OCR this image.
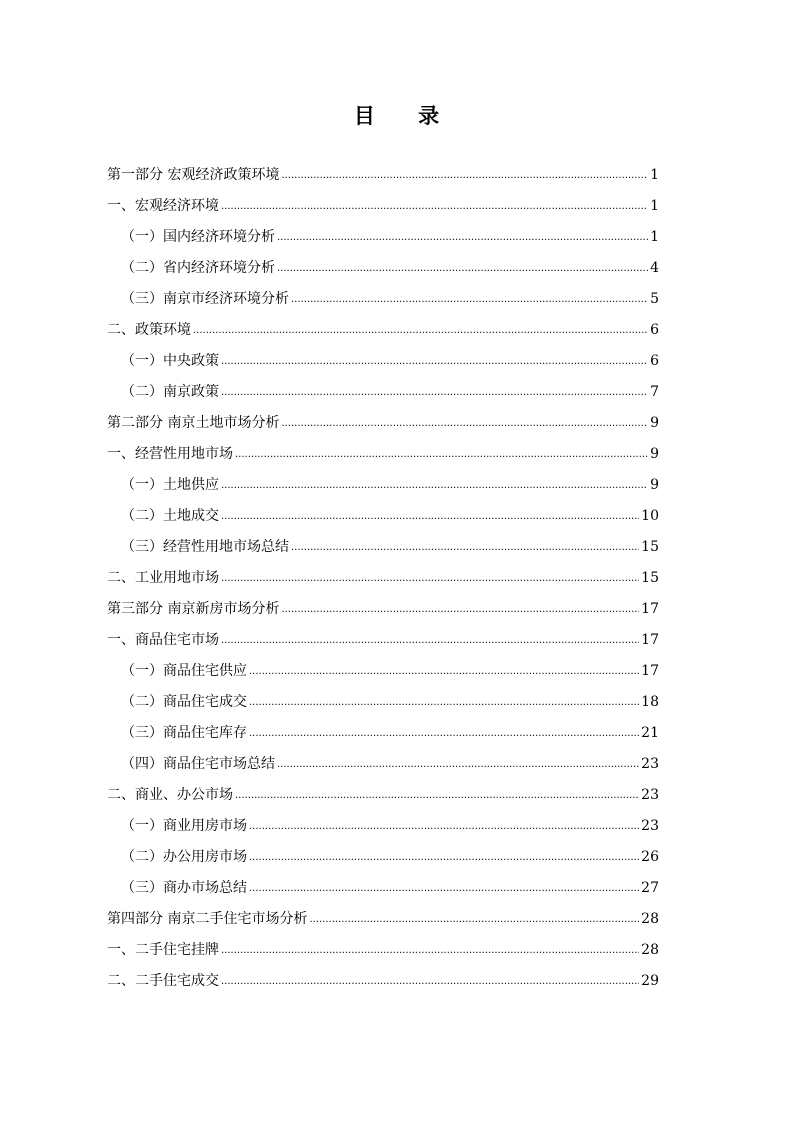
目 录
第一部分 宏观经济政策环境 .....	1
一、宏观经济环境 .....	1
（一）国内经济环境分析 .....	1
（二）省内经济环境分析 .....	4
（三）南京市经济环境分析 .....	5
二、政策环境 .....	6
（一）中央政策 .....	6
（二）南京政策 .....	7
第二部分 南京土地市场分析 .....	9
一、经营性用地市场 .....	9
（一）土地供应 .....	9
（二）土地成交 .....	10
（三）经营性用地市场总结 .....	15
二、工业用地市场 .....	15
第三部分 南京新房市场分析 .....	17
一、商品住宅市场 .....	17
（一）商品住宅供应 .....	17
（二）商品住宅成交 .....	18
（三）商品住宅库存 .....	21
（四）商品住宅市场总结 .....	23
二、商业、办公市场 .....	23
（一）商业用房市场 .....	23
（二）办公用房市场 .....	26
（三）商办市场总结 .....	27
第四部分 南京二手住宅市场分析 .....	28
一、二手住宅挂牌 .....	28
二、二手住宅成交 .....	29
